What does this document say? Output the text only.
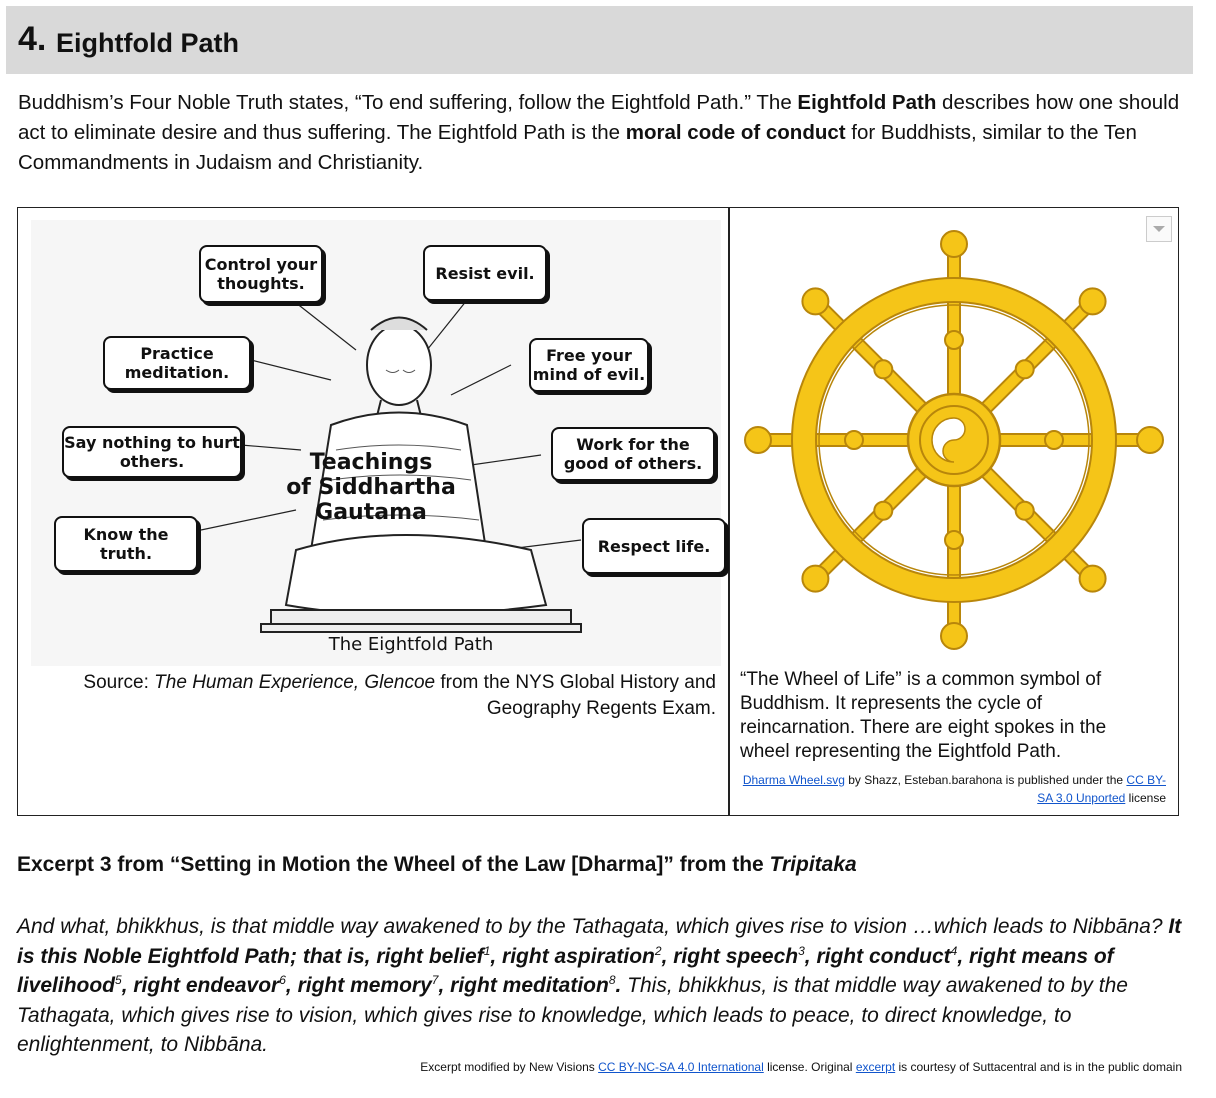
4. Eightfold Path
Buddhism’s Four Noble Truth states, “To end suffering, follow the Eightfold Path.” The Eightfold Path describes how one should act to eliminate desire and thus suffering. The Eightfold Path is the moral code of conduct for Buddhists, similar to the Ten Commandments in Judaism and Christianity.
Control your thoughts.
Resist evil.
Practice meditation.
Free your mind of evil.
Say nothing to hurt others.
Work for the good of others.
Know the truth.	Respect life.
Teachings
of Siddhartha
Gautama
The Eightfold Path
Source: The Human Experience, Glencoe from the NYS Global History and Geography Regents Exam.
“The Wheel of Life” is a common symbol of Buddhism. It represents the cycle of reincarnation. There are eight spokes in the wheel representing the Eightfold Path.
Dharma Wheel.svg by Shazz, Esteban.barahona is published under the CC BY-SA 3.0 Unported license
Excerpt 3 from “Setting in Motion the Wheel of the Law [Dharma]” from the Tripitaka
And what, bhikkhus, is that middle way awakened to by the Tathagata, which gives rise to vision …which leads to Nibbānа? It is this Noble Eightfold Path; that is, right belief$^1$, right aspiration$^2$, right speech$^3$, right conduct$^4$, right means of livelihood$^5$, right endeavor$^6$, right memory$^7$, right meditation$^8$. This, bhikkhus, is that middle way awakened to by the Tathagata, which gives rise to vision, which gives rise to knowledge, which leads to peace, to direct knowledge, to enlightenment, to Nibbānа.
Excerpt modified by New Visions CC BY-NC-SA 4.0 International license. Original excerpt is courtesy of Suttacentral and is in the public domain
